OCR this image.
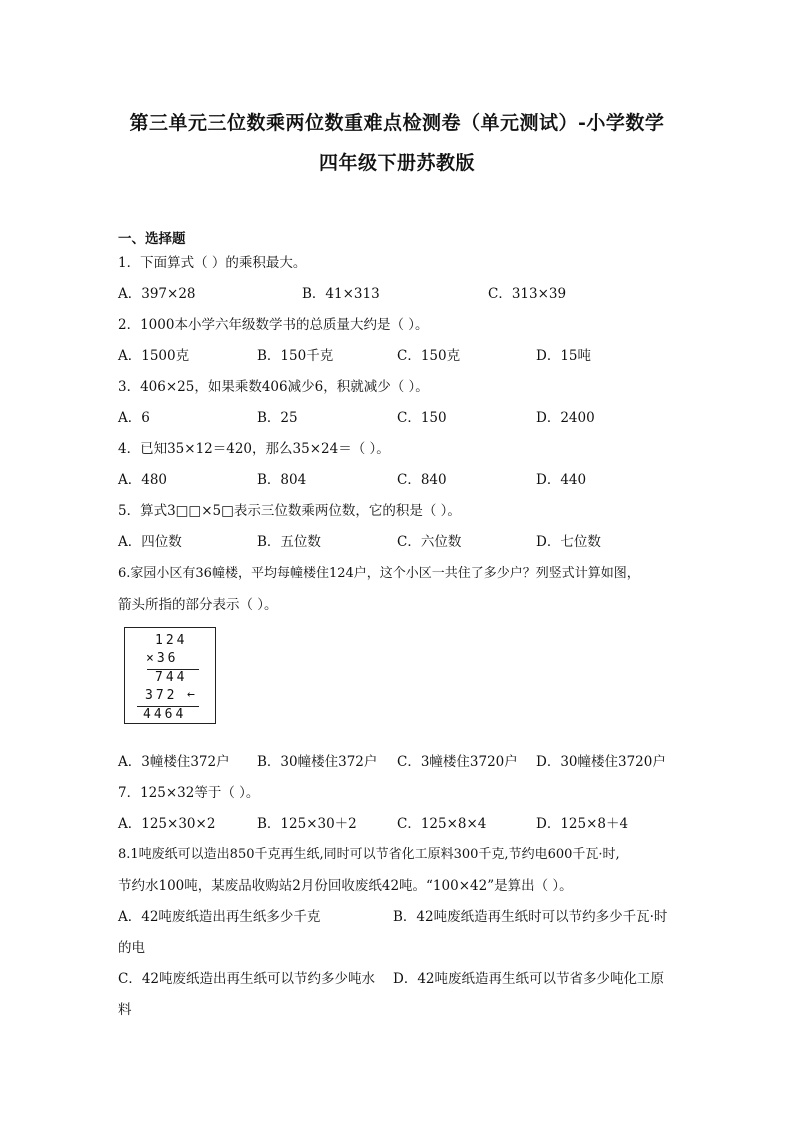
第三单元三位数乘两位数重难点检测卷（单元测试）-小学数学
四年级下册苏教版
一、选择题
1．下面算式（ ）的乘积最大。
A．397×28	B．41×313	C．313×39
2．1000本小学六年级数学书的总质量大约是（ ）。
A．1500克	B．150千克	C．150克	D．15吨
3．406×25，如果乘数406减少6，积就减少（ ）。
A．6	B．25	C．150	D．2400
4．已知35×12＝420，那么35×24＝（ ）。
A．480	B．804	C．840	D．440
5．算式3□□×5□表示三位数乘两位数，它的积是（ ）。
A．四位数	B．五位数	C．六位数	D．七位数
6.家园小区有36幢楼，平均每幢楼住124户，这个小区一共住了多少户？列竖式计算如图，
箭头所指的部分表示（ ）。
124
×36
744
372 ←
4464
A．3幢楼住372户 B．30幢楼住372户 C．3幢楼住3720户 D．30幢楼住3720户
7．125×32等于（ ）。
A．125×30×2	B．125×30＋2	C．125×8×4	D．125×8＋4
8.1吨废纸可以造出850千克再生纸,同时可以节省化工原料300千克,节约电600千瓦·时,
节约水100吨，某废品收购站2月份回收废纸42吨。“100×42”是算出（ ）。
A．42吨废纸造出再生纸多少千克	B．42吨废纸造再生纸时可以节约多少千瓦·时
的电
C．42吨废纸造出再生纸可以节约多少吨水 D．42吨废纸造再生纸可以节省多少吨化工原
料
